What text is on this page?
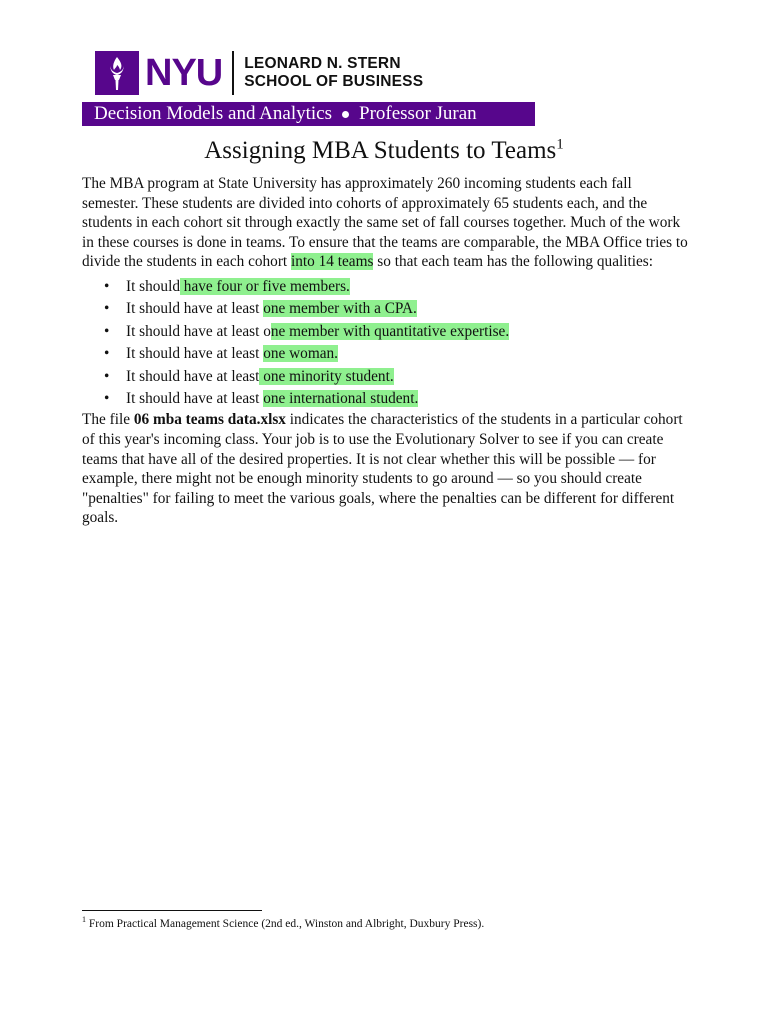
NYU LEONARD N. STERN
SCHOOL OF BUSINESS
Decision Models and Analytics Professor Juran
Assigning MBA Students to Teams$^1$

The MBA program at State University has approximately 260 incoming students each fall semester. These students are divided into cohorts of approximately 65 students each, and the students in each cohort sit through exactly the same set of fall courses together. Much of the work in these courses is done in teams. To ensure that the teams are comparable, the MBA Office tries to divide the students in each cohort into 14 teams so that each team has the following qualities:

• It should have four or five members.
• It should have at least one member with a CPA.
• It should have at least one member with quantitative expertise.
• It should have at least one woman.
• It should have at least one minority student.
• It should have at least one international student.

The file 06 mba teams data.xlsx indicates the characteristics of the students in a particular cohort of this year's incoming class. Your job is to use the Evolutionary Solver to see if you can create teams that have all of the desired properties. It is not clear whether this will be possible — for example, there might not be enough minority students to go around — so you should create "penalties" for failing to meet the various goals, where the penalties can be different for different goals.

$^1$ From Practical Management Science (2nd ed., Winston and Albright, Duxbury Press).
